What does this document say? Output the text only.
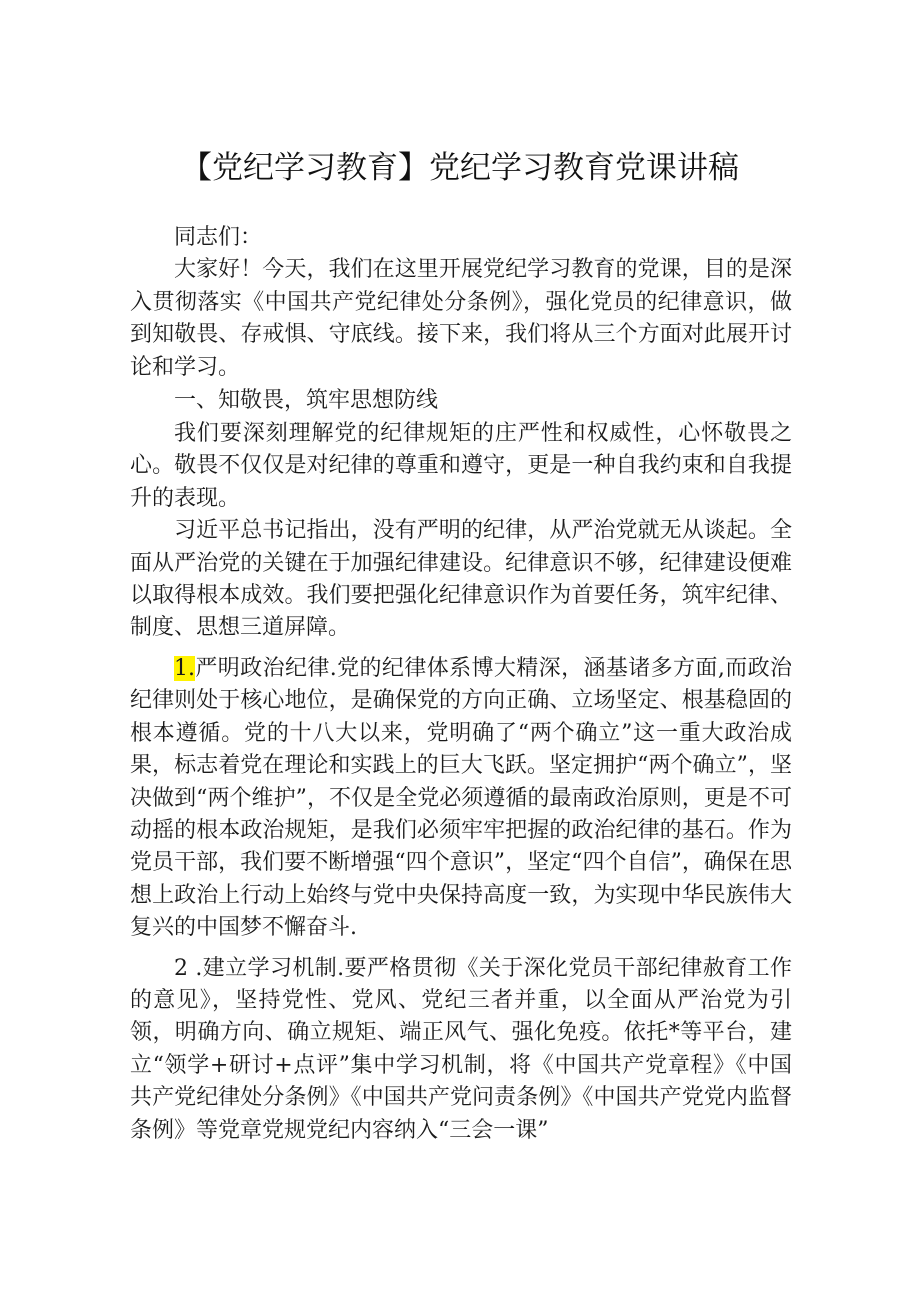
【党纪学习教育】党纪学习教育党课讲稿

同志们：

大家好！今天，我们在这里开展党纪学习教育的党课，目的是深入贯彻落实《中国共产党纪律处分条例》，强化党员的纪律意识，做到知敬畏、存戒惧、守底线。接下来，我们将从三个方面对此展开讨论和学习。

一、知敬畏，筑牢思想防线

我们要深刻理解党的纪律规矩的庄严性和权威性，心怀敬畏之心。敬畏不仅仅是对纪律的尊重和遵守，更是一种自我约束和自我提升的表现。

习近平总书记指出，没有严明的纪律，从严治党就无从谈起。全面从严治党的关键在于加强纪律建设。纪律意识不够，纪律建设便难以取得根本成效。我们要把强化纪律意识作为首要任务，筑牢纪律、制度、思想三道屏障。

1.严明政治纪律.党的纪律体系博大精深，涵基诸多方面,而政治纪律则处于核心地位，是确保党的方向正确、立场坚定、根基稳固的根本遵循。党的十八大以来，党明确了“两个确立”这一重大政治成果，标志着党在理论和实践上的巨大飞跃。坚定拥护“两个确立”，坚决做到“两个维护”，不仅是全党必须遵循的最南政治原则，更是不可动摇的根本政治规矩，是我们必须牢牢把握的政治纪律的基石。作为党员干部，我们要不断增强“四个意识”，坚定“四个自信”，确保在思想上政治上行动上始终与党中央保持高度一致，为实现中华民族伟大复兴的中国梦不懈奋斗.

2 .建立学习机制.要严格贯彻《关于深化党员干部纪律赦育工作的意见》，坚持党性、党风、党纪三者并重，以全面从严治党为引领，明确方向、确立规矩、端正风气、强化免疫。依托*等平台，建立“领学+研讨+点评”集中学习机制，将《中国共产党章程》《中国共产党纪律处分条例》《中国共产党问责条例》《中国共产党党内监督条例》等党章党规党纪内容纳入“三会一课”
